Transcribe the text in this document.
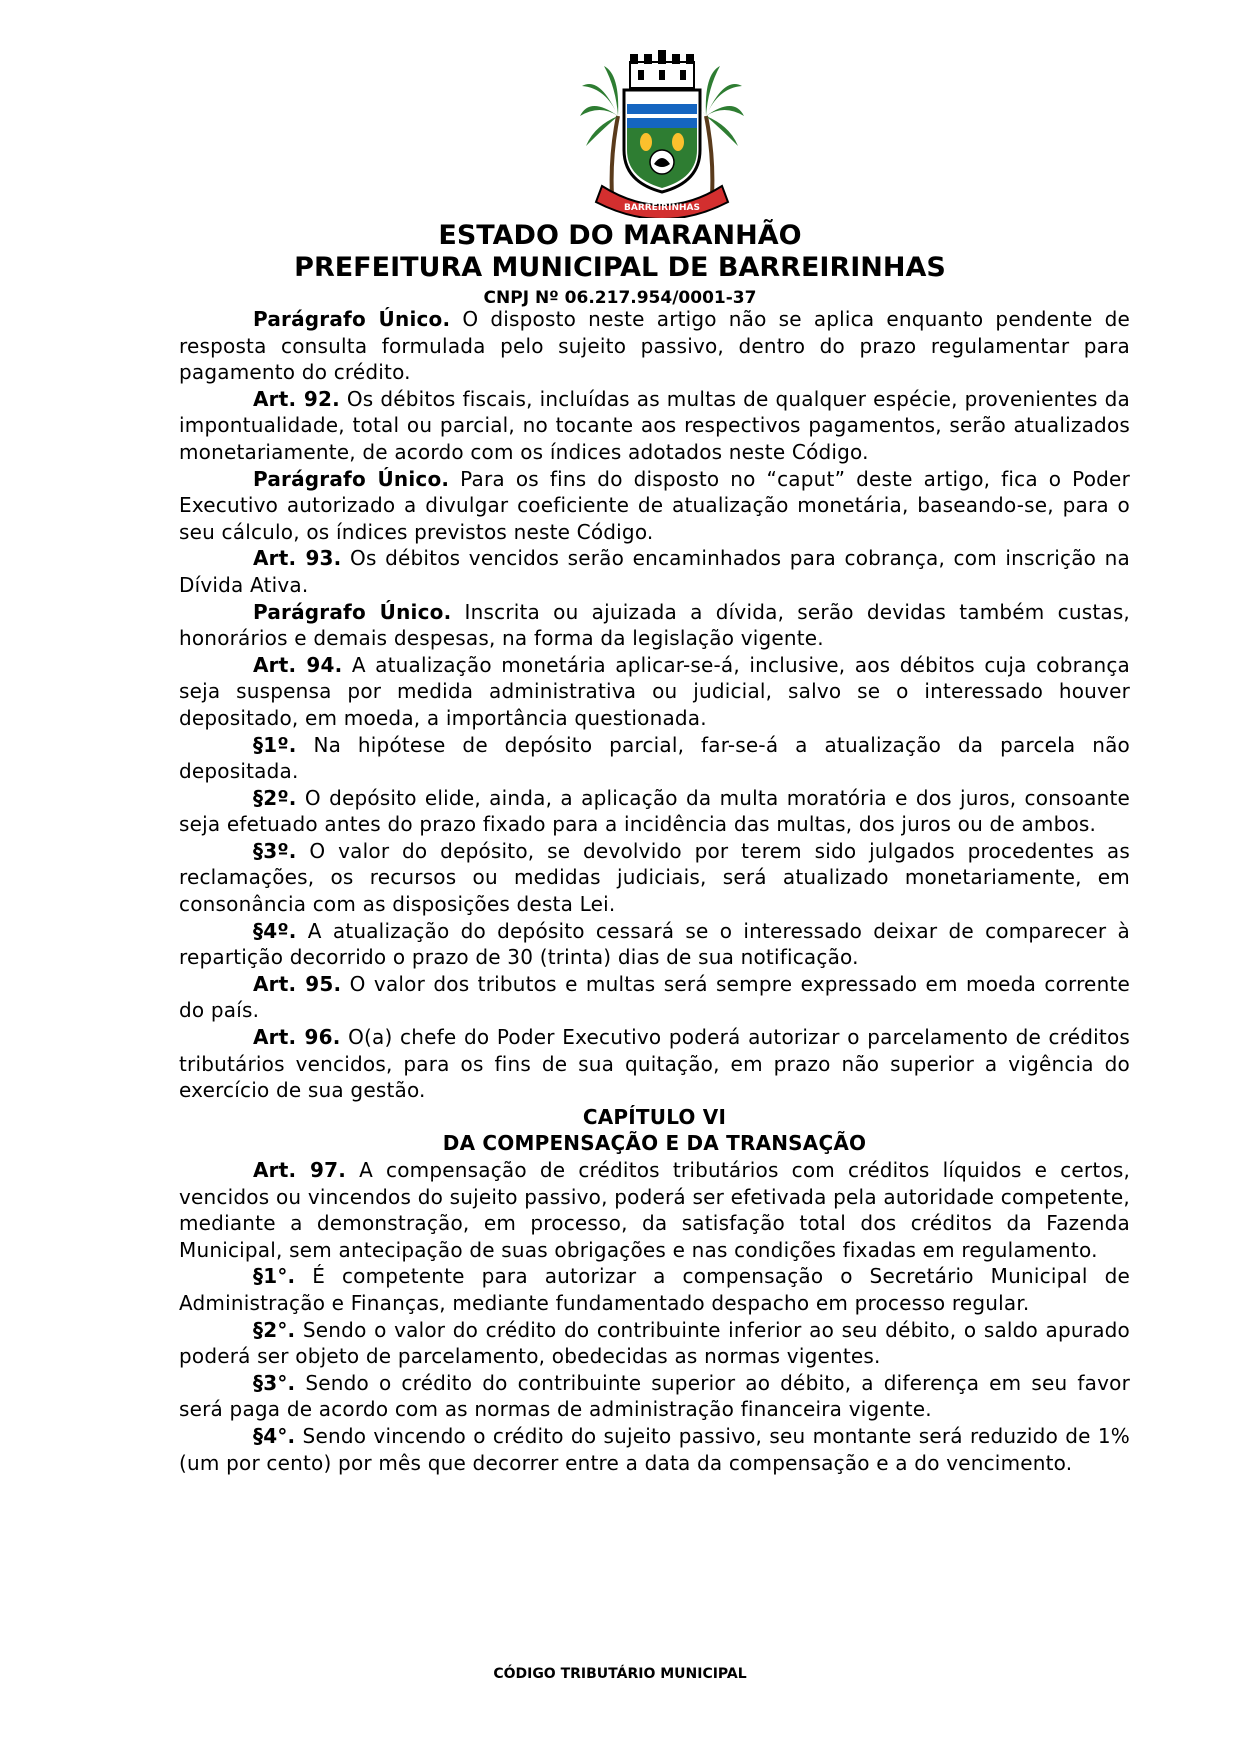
BARREIRINHAS
ESTADO DO MARANHÃO
PREFEITURA MUNICIPAL DE BARREIRINHAS
CNPJ Nº 06.217.954/0001-37

Parágrafo Único. O disposto neste artigo não se aplica enquanto pendente de resposta consulta formulada pelo sujeito passivo, dentro do prazo regulamentar para pagamento do crédito.

Art. 92. Os débitos fiscais, incluídas as multas de qualquer espécie, provenientes da impontualidade, total ou parcial, no tocante aos respectivos pagamentos, serão atualizados monetariamente, de acordo com os índices adotados neste Código.

Parágrafo Único. Para os fins do disposto no “caput” deste artigo, fica o Poder Executivo autorizado a divulgar coeficiente de atualização monetária, baseando-se, para o seu cálculo, os índices previstos neste Código.

Art. 93. Os débitos vencidos serão encaminhados para cobrança, com inscrição na Dívida Ativa.

Parágrafo Único. Inscrita ou ajuizada a dívida, serão devidas também custas, honorários e demais despesas, na forma da legislação vigente.

Art. 94. A atualização monetária aplicar-se-á, inclusive, aos débitos cuja cobrança seja suspensa por medida administrativa ou judicial, salvo se o interessado houver depositado, em moeda, a importância questionada.

§1º. Na hipótese de depósito parcial, far-se-á a atualização da parcela não depositada.

§2º. O depósito elide, ainda, a aplicação da multa moratória e dos juros, consoante seja efetuado antes do prazo fixado para a incidência das multas, dos juros ou de ambos.

§3º. O valor do depósito, se devolvido por terem sido julgados procedentes as reclamações, os recursos ou medidas judiciais, será atualizado monetariamente, em consonância com as disposições desta Lei.

§4º. A atualização do depósito cessará se o interessado deixar de comparecer à repartição decorrido o prazo de 30 (trinta) dias de sua notificação.

Art. 95. O valor dos tributos e multas será sempre expressado em moeda corrente do país.

Art. 96. O(a) chefe do Poder Executivo poderá autorizar o parcelamento de créditos tributários vencidos, para os fins de sua quitação, em prazo não superior a vigência do exercício de sua gestão.

CAPÍTULO VI

DA COMPENSAÇÃO E DA TRANSAÇÃO

Art. 97. A compensação de créditos tributários com créditos líquidos e certos, vencidos ou vincendos do sujeito passivo, poderá ser efetivada pela autoridade competente, mediante a demonstração, em processo, da satisfação total dos créditos da Fazenda Municipal, sem antecipação de suas obrigações e nas condições fixadas em regulamento.

§1°. É competente para autorizar a compensação o Secretário Municipal de Administração e Finanças, mediante fundamentado despacho em processo regular.

§2°. Sendo o valor do crédito do contribuinte inferior ao seu débito, o saldo apurado poderá ser objeto de parcelamento, obedecidas as normas vigentes.

§3°. Sendo o crédito do contribuinte superior ao débito, a diferença em seu favor será paga de acordo com as normas de administração financeira vigente.

§4°. Sendo vincendo o crédito do sujeito passivo, seu montante será reduzido de 1% (um por cento) por mês que decorrer entre a data da compensação e a do vencimento.

CÓDIGO TRIBUTÁRIO MUNICIPAL
